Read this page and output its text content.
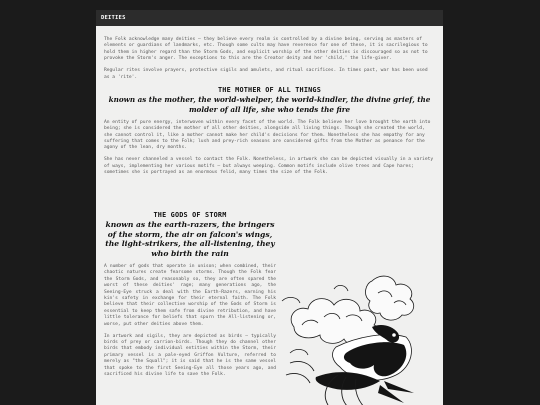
DEITIES

The Folk acknowledge many deities – they believe every realm is controlled by a divine being, serving as masters of elements or guardians of landmarks, etc. Though some cults may have reverence for one of these, it is sacrilegious to hold them in higher regard than the Storm Gods, and explicit worship of the other deities is discouraged so as not to provoke the Storm's anger. The exceptions to this are the Creator deity and her 'child,' the life-giver.

Regular rites involve prayers, protective sigils and amulets, and ritual sacrifices. In times past, war has been used as a 'rite'.

THE MOTHER OF ALL THINGS

known as the mother, the world-whelper, the world-kindler, the divine grief, the molder of all life, she who tends the fire

An entity of pure energy, interwoven within every facet of the world. The Folk believe her love brought the earth into being; she is considered the mother of all other deities, alongside all living things. Though she created the world, she cannot control it, like a mother cannot make her child's decisions for them. Nonetheless she has empathy for any suffering that comes to the Folk; lush and prey-rich seasons are considered gifts from the Mother as penance for the agony of the lean, dry months.

She has never channeled a vessel to contact the Folk. Nonetheless, in artwork she can be depicted visually in a variety of ways, implementing her various motifs – but always weeping. Common motifs include olive trees and Cape hares; sometimes she is portrayed as an enormous felid, many times the size of the Folk.

THE GODS OF STORM

known as the earth-razers, the bringers of the storm, the air on falcon's wings, the light-strikers, the all-listening, they who birth the rain

A number of gods that operate in unison; when combined, their chaotic natures create fearsome storms. Though the Folk fear the Storm Gods, and reasonably so, they are often spared the worst of these deities' rage; many generations ago, the Seeing-Eye struck a deal with the Earth-Razers, earning his kin's safety in exchange for their eternal faith. The Folk believe that their collective worship of the Gods of Storm is essential to keep them safe from divine retribution, and have little tolerance for beliefs that spurn the All-listening or, worse, put other deities above them.

In artwork and sigils, they are depicted as birds – typically birds of prey or carrion-birds. Though they do channel other birds that embody individual entities within the Storm, their primary vessel is a pale-eyed Griffon Vulture, referred to merely as "the Squall"; it is said that he is the same vessel that spoke to the first Seeing-Eye all those years ago, and sacrificed his divine life to save the Folk.
